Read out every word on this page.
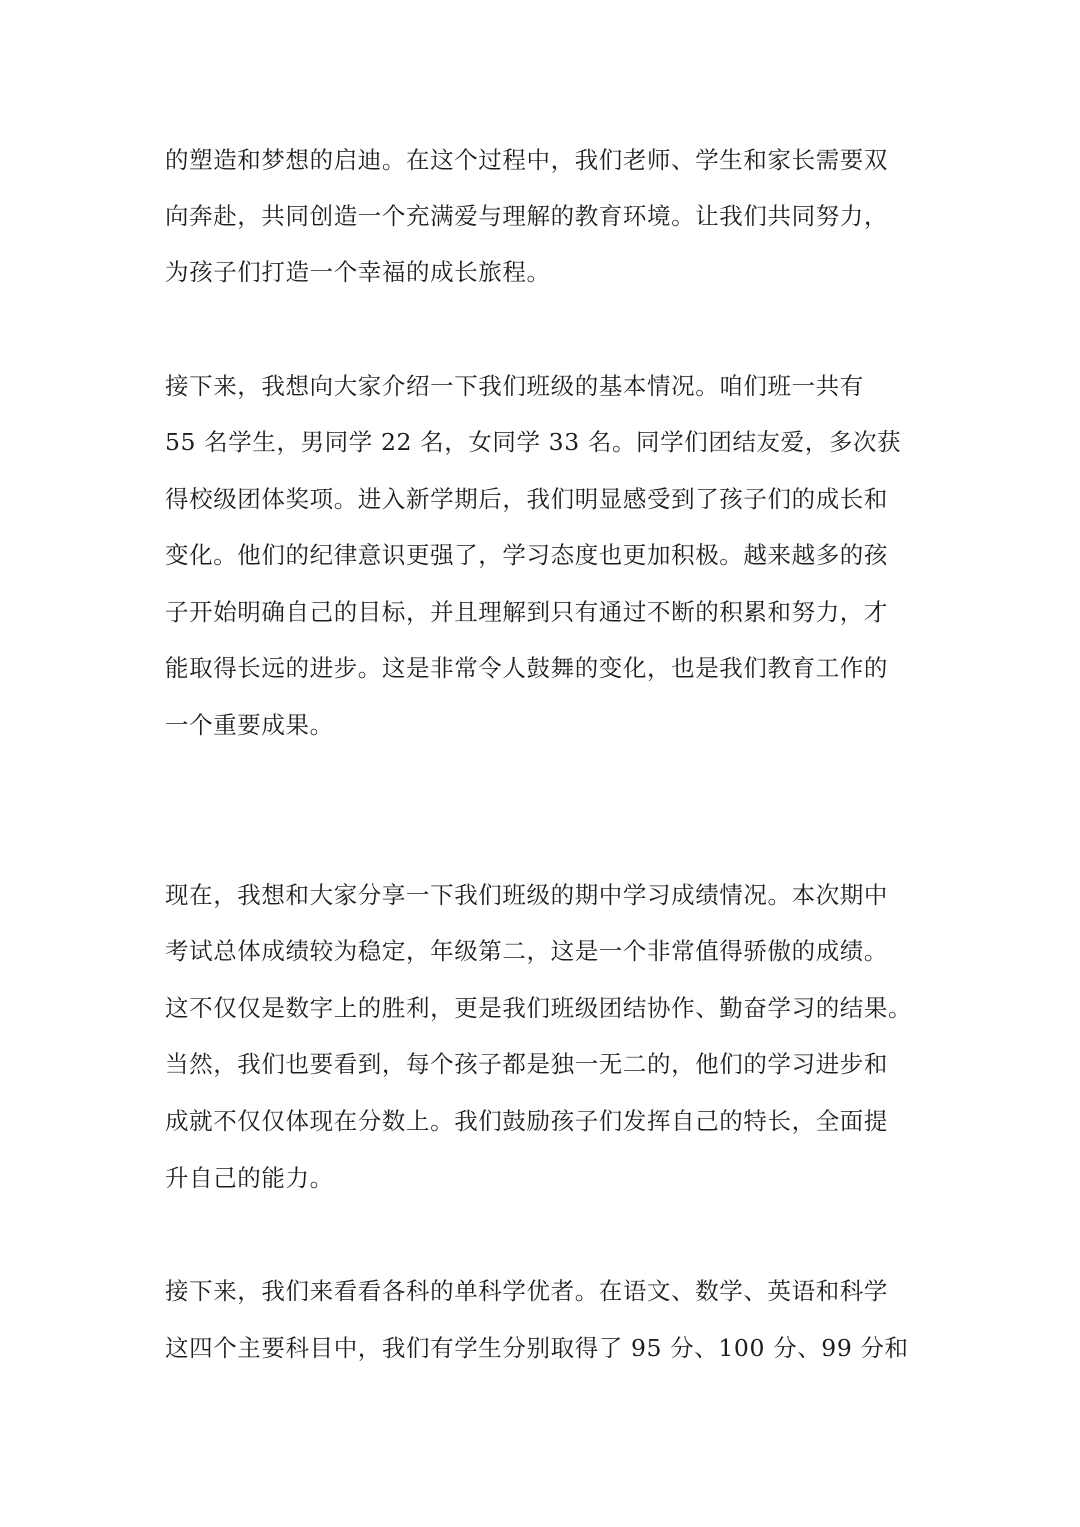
的塑造和梦想的启迪。在这个过程中，我们老师、学生和家长需要双

向奔赴，共同创造一个充满爱与理解的教育环境。让我们共同努力，

为孩子们打造一个幸福的成长旅程。

接下来，我想向大家介绍一下我们班级的基本情况。咱们班一共有

55 名学生，男同学 22 名，女同学 33 名。同学们团结友爱，多次获

得校级团体奖项。进入新学期后，我们明显感受到了孩子们的成长和

变化。他们的纪律意识更强了，学习态度也更加积极。越来越多的孩

子开始明确自己的目标，并且理解到只有通过不断的积累和努力，才

能取得长远的进步。这是非常令人鼓舞的变化，也是我们教育工作的

一个重要成果。

现在，我想和大家分享一下我们班级的期中学习成绩情况。本次期中

考试总体成绩较为稳定，年级第二，这是一个非常值得骄傲的成绩。

这不仅仅是数字上的胜利，更是我们班级团结协作、勤奋学习的结果。

当然，我们也要看到，每个孩子都是独一无二的，他们的学习进步和

成就不仅仅体现在分数上。我们鼓励孩子们发挥自己的特长，全面提

升自己的能力。

接下来，我们来看看各科的单科学优者。在语文、数学、英语和科学

这四个主要科目中，我们有学生分别取得了 95 分、100 分、99 分和
